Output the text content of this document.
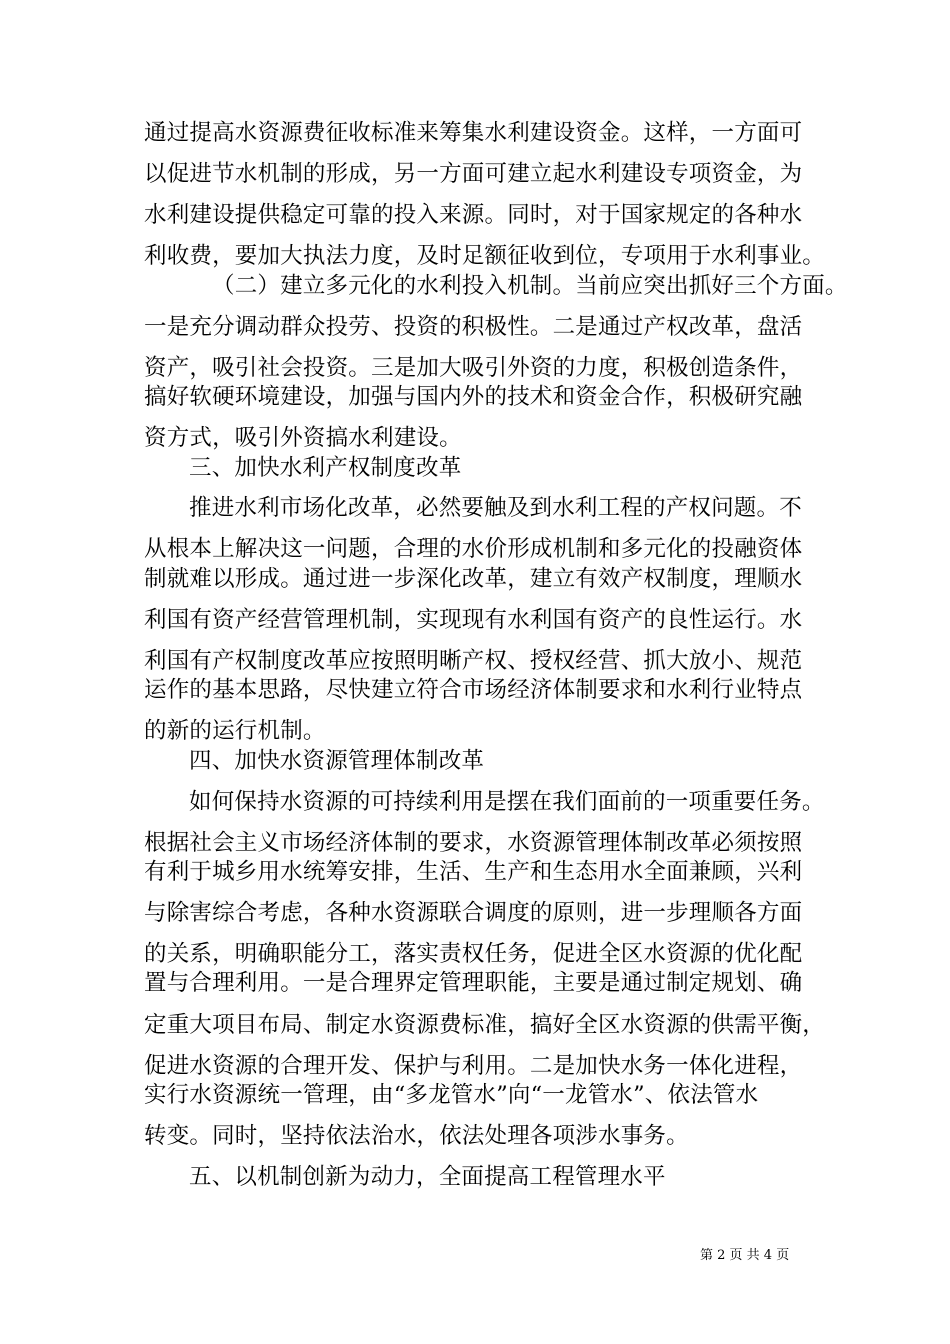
通过提高水资源费征收标准来筹集水利建设资金。这样，一方面可
以促进节水机制的形成，另一方面可建立起水利建设专项资金，为
水利建设提供稳定可靠的投入来源。同时，对于国家规定的各种水
利收费，要加大执法力度，及时足额征收到位，专项用于水利事业。
（二）建立多元化的水利投入机制。当前应突出抓好三个方面。
一是充分调动群众投劳、投资的积极性。二是通过产权改革，盘活
资产，吸引社会投资。三是加大吸引外资的力度，积极创造条件，
搞好软硬环境建设，加强与国内外的技术和资金合作，积极研究融
资方式，吸引外资搞水利建设。
三、加快水利产权制度改革
推进水利市场化改革，必然要触及到水利工程的产权问题。不
从根本上解决这一问题，合理的水价形成机制和多元化的投融资体
制就难以形成。通过进一步深化改革，建立有效产权制度，理顺水
利国有资产经营管理机制，实现现有水利国有资产的良性运行。水
利国有产权制度改革应按照明晰产权、授权经营、抓大放小、规范
运作的基本思路，尽快建立符合市场经济体制要求和水利行业特点
的新的运行机制。
四、加快水资源管理体制改革
如何保持水资源的可持续利用是摆在我们面前的一项重要任务。
根据社会主义市场经济体制的要求，水资源管理体制改革必须按照
有利于城乡用水统筹安排，生活、生产和生态用水全面兼顾，兴利
与除害综合考虑，各种水资源联合调度的原则，进一步理顺各方面
的关系，明确职能分工，落实责权任务，促进全区水资源的优化配
置与合理利用。一是合理界定管理职能，主要是通过制定规划、确
定重大项目布局、制定水资源费标准，搞好全区水资源的供需平衡，
促进水资源的合理开发、保护与利用。二是加快水务一体化进程，
实行水资源统一管理，由“多龙管水”向“一龙管水”、依法管水
转变。同时，坚持依法治水，依法处理各项涉水事务。
五、以机制创新为动力，全面提高工程管理水平
第 2 页 共 4 页
